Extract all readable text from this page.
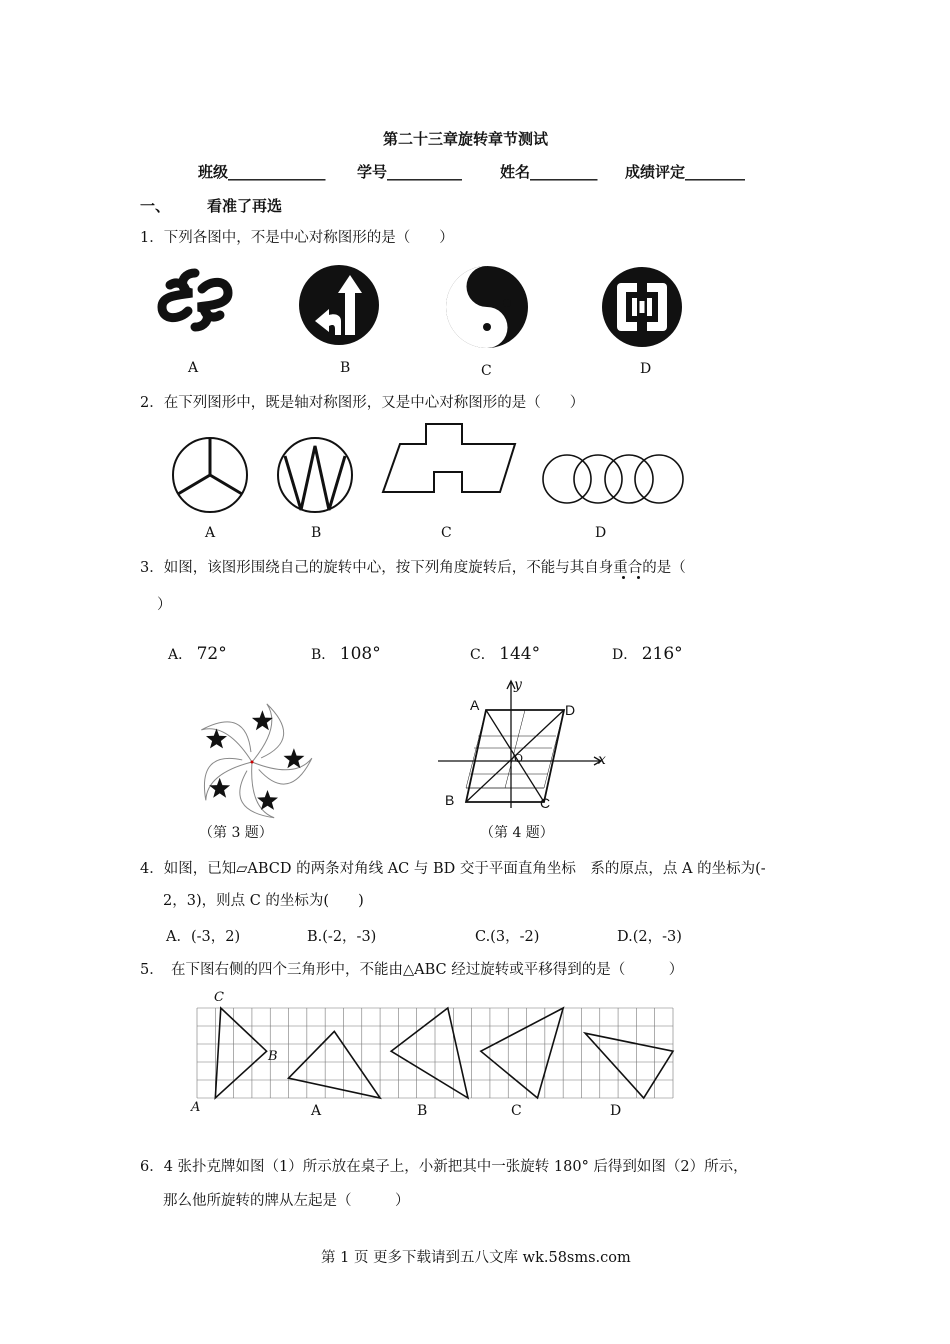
第二十三章旋转章节测试
班级_____________ 学号__________	姓名_________ 成绩评定________
一、 看准了再选
1．下列各图中，不是中心对称图形的是（　　）
A	B	C	D
2．在下列图形中，既是轴对称图形，又是中心对称图形的是（　　）
A	B	C	D
3．如图，该图形围绕自己的旋转中心，按下列角度旋转后，不能与其自身重合的是（
）
A． 72°	B． 108°	C． 144°	D． 216°
（第 3 题）
A	D
B	C
O	x
y
（第 4 题）
4．如图，已知▱ABCD 的两条对角线 AC 与 BD 交于平面直角坐标　系的原点，点 A 的坐标为(-
2，3)，则点 C 的坐标为(　　)
A．(-3，2)	B.(-2，-3)	C.(3，-2)	D.(2，-3)
5．　在下图右侧的四个三角形中，不能由△ABC 经过旋转或平移得到的是（　　　）
C
B
A	A	B	C	D
6．4 张扑克牌如图（1）所示放在桌子上，小新把其中一张旋转 180° 后得到如图（2）所示，
那么他所旋转的牌从左起是（　　　）
第 1 页 更多下载请到五八文库 wk.58sms.com
